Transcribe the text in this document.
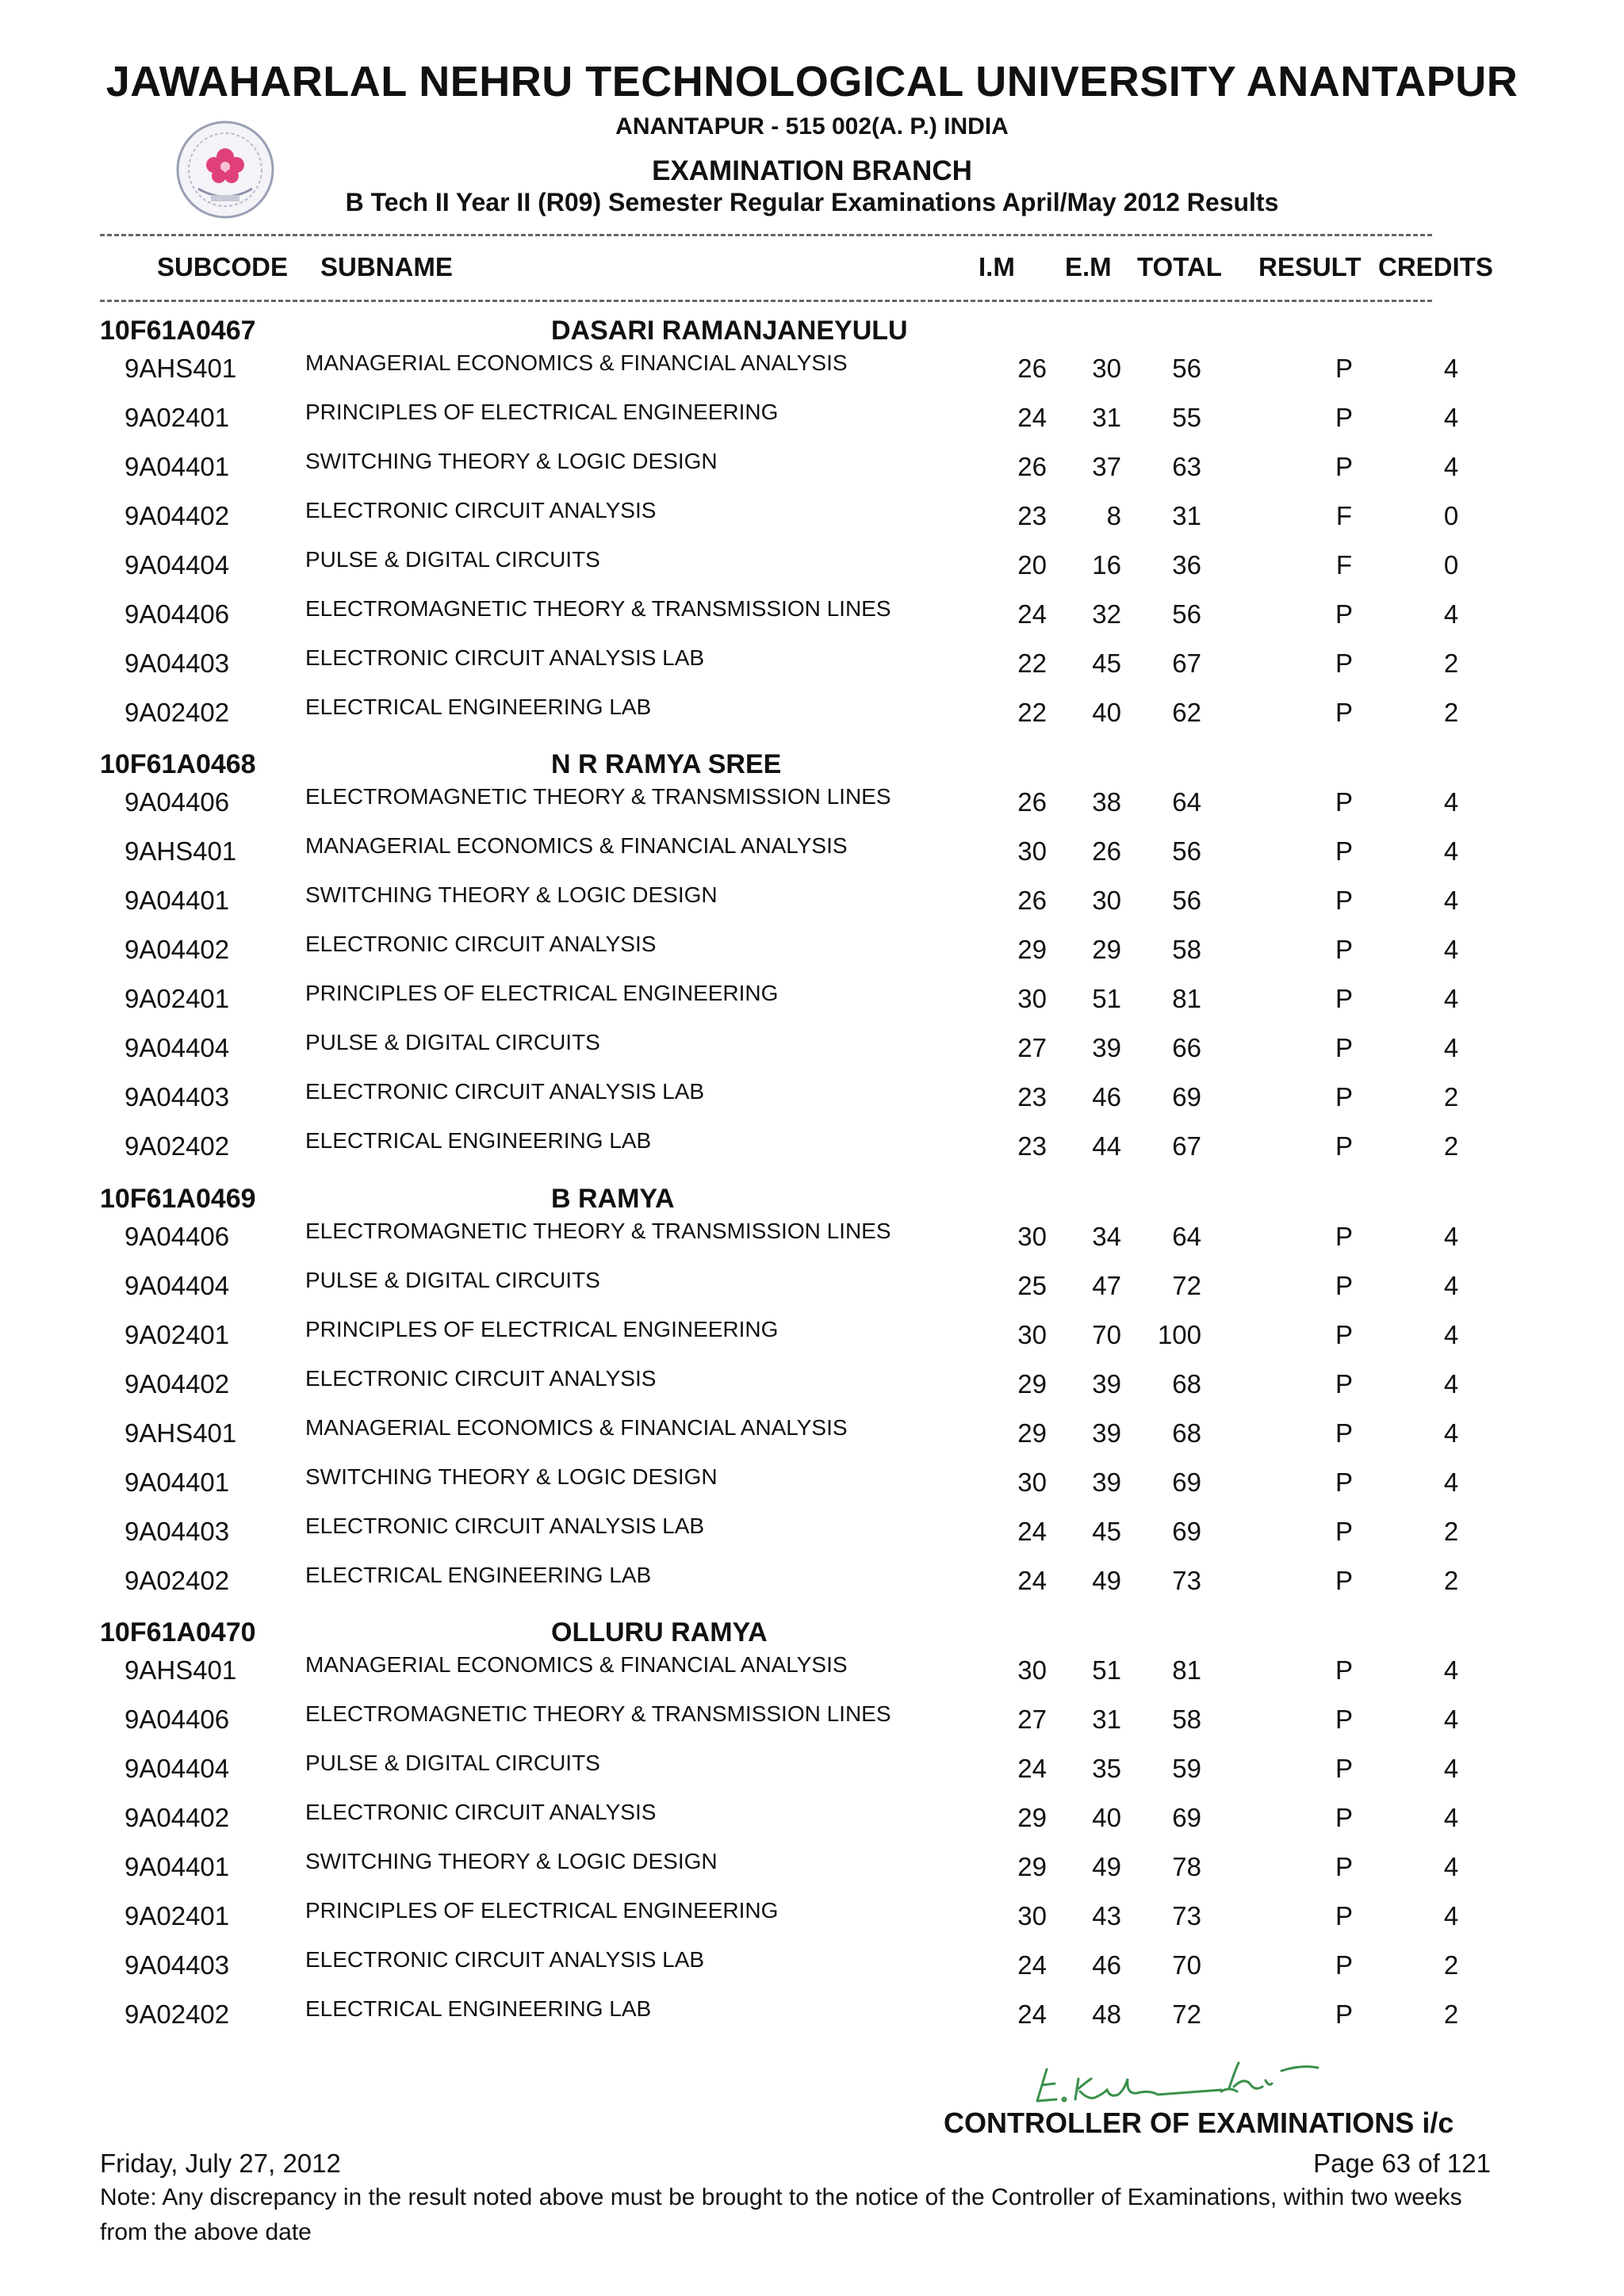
JAWAHARLAL NEHRU TECHNOLOGICAL UNIVERSITY ANANTAPUR
ANANTAPUR - 515 002(A. P.) INDIA
EXAMINATION BRANCH
B Tech II Year II (R09) Semester Regular Examinations April/May 2012 Results
SUBCODE SUBNAME	I.M E.M TOTAL RESULT CREDITS
10F61A0467	DASARI RAMANJANEYULU
9AHS401	MANAGERIAL ECONOMICS & FINANCIAL ANALYSIS	26	30	56	P	4
9A02401	PRINCIPLES OF ELECTRICAL ENGINEERING	24	31	55	P	4
9A04401	SWITCHING THEORY & LOGIC DESIGN	26	37	63	P	4
9A04402	ELECTRONIC CIRCUIT ANALYSIS	23	8	31	F	0
9A04404	PULSE & DIGITAL CIRCUITS	20	16	36	F	0
9A04406	ELECTROMAGNETIC THEORY & TRANSMISSION LINES	24	32	56	P	4
9A04403	ELECTRONIC CIRCUIT ANALYSIS LAB	22	45	67	P	2
9A02402	ELECTRICAL ENGINEERING LAB	22	40	62	P	2
10F61A0468	N R RAMYA SREE
9A04406	ELECTROMAGNETIC THEORY & TRANSMISSION LINES	26	38	64	P	4
9AHS401	MANAGERIAL ECONOMICS & FINANCIAL ANALYSIS	30	26	56	P	4
9A04401	SWITCHING THEORY & LOGIC DESIGN	26	30	56	P	4
9A04402	ELECTRONIC CIRCUIT ANALYSIS	29	29	58	P	4
9A02401	PRINCIPLES OF ELECTRICAL ENGINEERING	30	51	81	P	4
9A04404	PULSE & DIGITAL CIRCUITS	27	39	66	P	4
9A04403	ELECTRONIC CIRCUIT ANALYSIS LAB	23	46	69	P	2
9A02402	ELECTRICAL ENGINEERING LAB	23	44	67	P	2
10F61A0469	B RAMYA
9A04406	ELECTROMAGNETIC THEORY & TRANSMISSION LINES	30	34	64	P	4
9A04404	PULSE & DIGITAL CIRCUITS	25	47	72	P	4
9A02401	PRINCIPLES OF ELECTRICAL ENGINEERING	30	70	100	P	4
9A04402	ELECTRONIC CIRCUIT ANALYSIS	29	39	68	P	4
9AHS401	MANAGERIAL ECONOMICS & FINANCIAL ANALYSIS	29	39	68	P	4
9A04401	SWITCHING THEORY & LOGIC DESIGN	30	39	69	P	4
9A04403	ELECTRONIC CIRCUIT ANALYSIS LAB	24	45	69	P	2
9A02402	ELECTRICAL ENGINEERING LAB	24	49	73	P	2
10F61A0470	OLLURU RAMYA
9AHS401	MANAGERIAL ECONOMICS & FINANCIAL ANALYSIS	30	51	81	P	4
9A04406	ELECTROMAGNETIC THEORY & TRANSMISSION LINES	27	31	58	P	4
9A04404	PULSE & DIGITAL CIRCUITS	24	35	59	P	4
9A04402	ELECTRONIC CIRCUIT ANALYSIS	29	40	69	P	4
9A04401	SWITCHING THEORY & LOGIC DESIGN	29	49	78	P	4
9A02401	PRINCIPLES OF ELECTRICAL ENGINEERING	30	43	73	P	4
9A04403	ELECTRONIC CIRCUIT ANALYSIS LAB	24	46	70	P	2
9A02402	ELECTRICAL ENGINEERING LAB	24	48	72	P	2
CONTROLLER OF EXAMINATIONS i/c
Friday, July 27, 2012	Page 63 of 121
Note: Any discrepancy in the result noted above must be brought to the notice of the Controller of Examinations, within two weeks from the above date
